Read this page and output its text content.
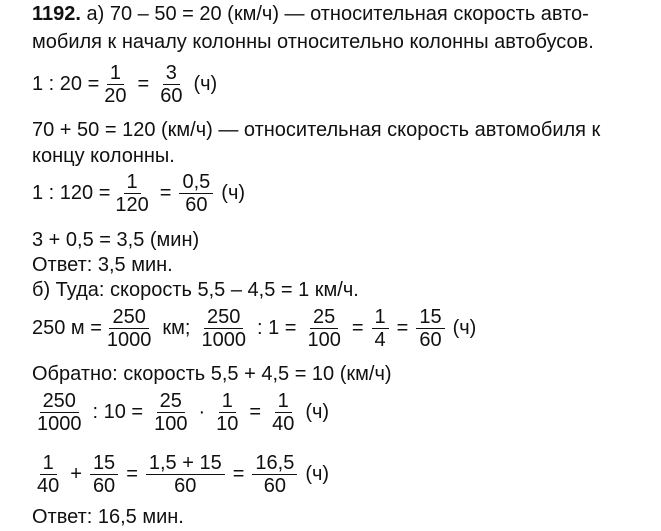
1192. а) 70 – 50 = 20 (км/ч) — относительная скорость авто-
мобиля к началу колонны относительно колонны автобусов.
1 : $20 = \frac{1}{20} = \frac{3}{60} (ч)$
70 + 50 = 120 (км/ч) — относительная скорость автомобиля к
концу колонны.
1 : $120 = \frac{1}{120} = \frac{0,5}{60} (ч)$
3 + 0,5 = 3,5 (мин)
Ответ: 3,5 мин.
б) Туда: скорость 5,5 – 4,5 = 1 км/ч.
250 $м = \frac{250}{1000}$ км; $\frac{250}{1000}$ : $1 = \frac{25}{100} = \frac{1}{4} = \frac{15}{60} (ч)$
Обратно: скорость 5,5 + 4,5 = 10 (км/ч)
$\frac{250}{1000}$ : $10 = \frac{25}{100} \cdot \frac{1}{10} = \frac{1}{40} (ч)$
$\frac{1}{40} + \frac{15}{60} = \frac{1,5 + 15}{60} = \frac{16,5}{60} (ч)$
Ответ: 16,5 мин.
